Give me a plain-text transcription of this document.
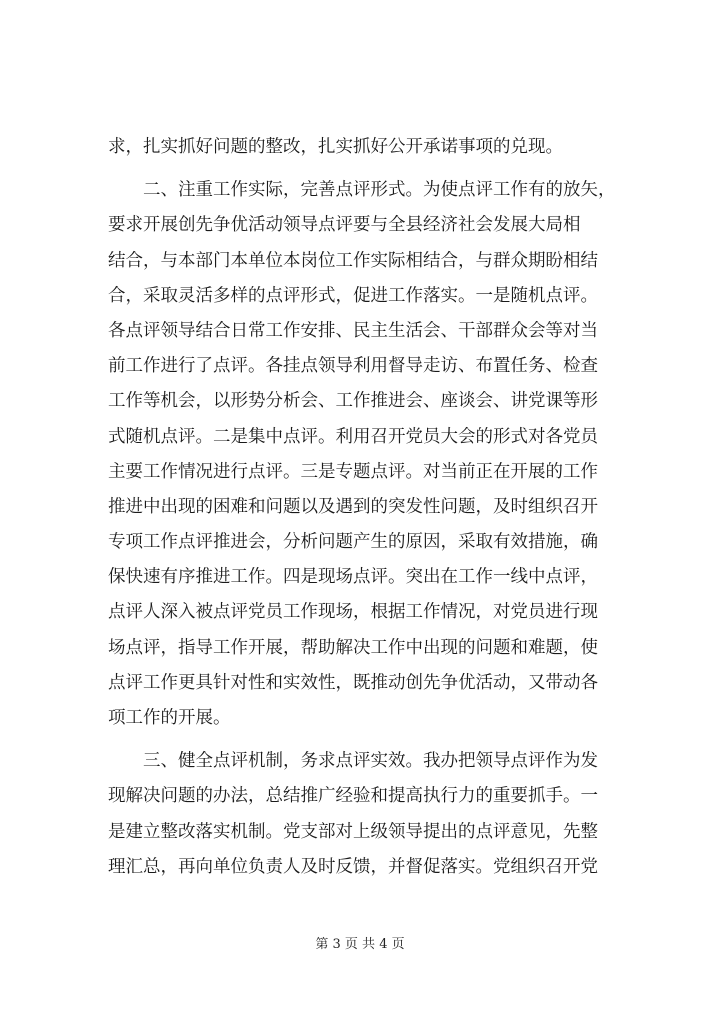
求，扎实抓好问题的整改，扎实抓好公开承诺事项的兑现。
　　二、注重工作实际，完善点评形式。为使点评工作有的放矢，
要求开展创先争优活动领导点评要与全县经济社会发展大局相
结合，与本部门本单位本岗位工作实际相结合，与群众期盼相结
合，采取灵活多样的点评形式，促进工作落实。一是随机点评。
各点评领导结合日常工作安排、民主生活会、干部群众会等对当
前工作进行了点评。各挂点领导利用督导走访、布置任务、检查
工作等机会，以形势分析会、工作推进会、座谈会、讲党课等形
式随机点评。二是集中点评。利用召开党员大会的形式对各党员
主要工作情况进行点评。三是专题点评。对当前正在开展的工作
推进中出现的困难和问题以及遇到的突发性问题，及时组织召开
专项工作点评推进会，分析问题产生的原因，采取有效措施，确
保快速有序推进工作。四是现场点评。突出在工作一线中点评，
点评人深入被点评党员工作现场，根据工作情况，对党员进行现
场点评，指导工作开展，帮助解决工作中出现的问题和难题，使
点评工作更具针对性和实效性，既推动创先争优活动，又带动各
项工作的开展。
　　三、健全点评机制，务求点评实效。我办把领导点评作为发
现解决问题的办法，总结推广经验和提高执行力的重要抓手。一
是建立整改落实机制。党支部对上级领导提出的点评意见，先整
理汇总，再向单位负责人及时反馈，并督促落实。党组织召开党
第 3 页 共 4 页
